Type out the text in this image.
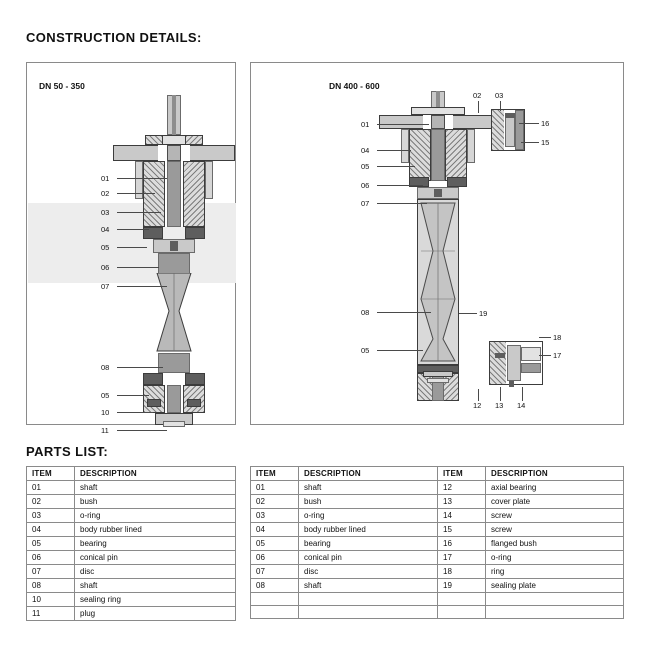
CONSTRUCTION DETAILS:
DN 50 - 350
01
02
03
04
05
06
07
08
05
10
11
DN 400 - 600
01
04
05
06
07
08
05
02 03
16
15
19
18
17
12 13 14
PARTS LIST:
ITEM	DESCRIPTION
01	shaft
02	bush
03	o-ring
04	body rubber lined
05	bearing
06	conical pin
07	disc
08	shaft
10	sealing ring
11	plug
ITEM	DESCRIPTION	ITEM	DESCRIPTION
01	shaft	12	axial bearing
02	bush	13	cover plate
03	o-ring	14	screw
04	body rubber lined	15	screw
05	bearing	16	flanged bush
06	conical pin	17	o-ring
07	disc	18	ring
08	shaft	19	sealing plate
